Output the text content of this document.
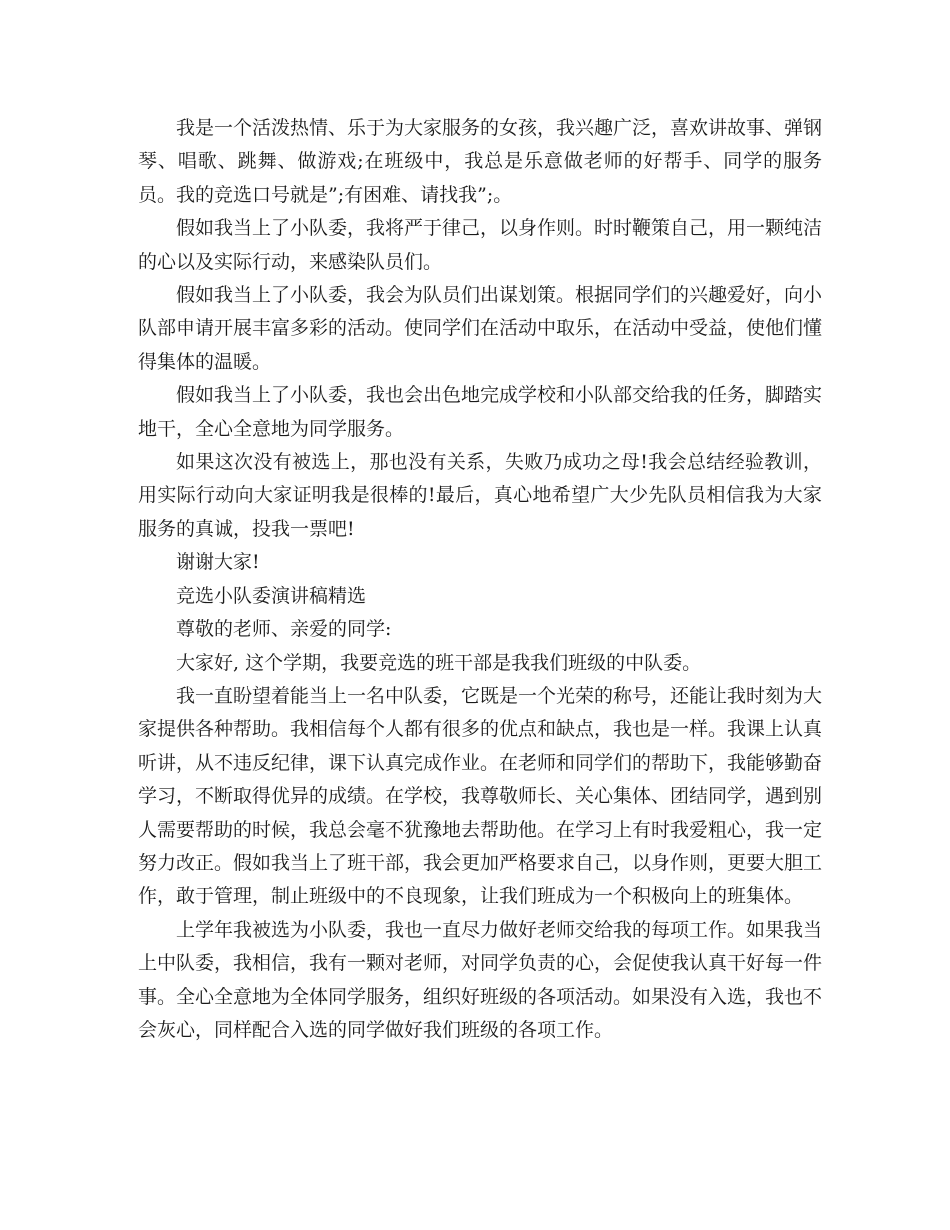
我是一个活泼热情、乐于为大家服务的女孩，我兴趣广泛，喜欢讲故事、弹钢琴、唱歌、跳舞、做游戏;在班级中，我总是乐意做老师的好帮手、同学的服务员。我的竞选口号就是”;有困难、请找我”;。

假如我当上了小队委，我将严于律己，以身作则。时时鞭策自己，用一颗纯洁的心以及实际行动，来感染队员们。

假如我当上了小队委，我会为队员们出谋划策。根据同学们的兴趣爱好，向小队部申请开展丰富多彩的活动。使同学们在活动中取乐，在活动中受益，使他们懂得集体的温暖。

假如我当上了小队委，我也会出色地完成学校和小队部交给我的任务，脚踏实地干，全心全意地为同学服务。

如果这次没有被选上，那也没有关系，失败乃成功之母!我会总结经验教训，用实际行动向大家证明我是很棒的!最后，真心地希望广大少先队员相信我为大家服务的真诚，投我一票吧!

谢谢大家!

竞选小队委演讲稿精选

尊敬的老师、亲爱的同学:

大家好, 这个学期，我要竞选的班干部是我我们班级的中队委。

我一直盼望着能当上一名中队委，它既是一个光荣的称号，还能让我时刻为大家提供各种帮助。我相信每个人都有很多的优点和缺点，我也是一样。我课上认真听讲，从不违反纪律，课下认真完成作业。在老师和同学们的帮助下，我能够勤奋学习，不断取得优异的成绩。在学校，我尊敬师长、关心集体、团结同学，遇到别人需要帮助的时候，我总会毫不犹豫地去帮助他。在学习上有时我爱粗心，我一定努力改正。假如我当上了班干部，我会更加严格要求自己，以身作则，更要大胆工作，敢于管理，制止班级中的不良现象，让我们班成为一个积极向上的班集体。

上学年我被选为小队委，我也一直尽力做好老师交给我的每项工作。如果我当上中队委，我相信，我有一颗对老师，对同学负责的心，会促使我认真干好每一件事。全心全意地为全体同学服务，组织好班级的各项活动。如果没有入选，我也不会灰心，同样配合入选的同学做好我们班级的各项工作。
